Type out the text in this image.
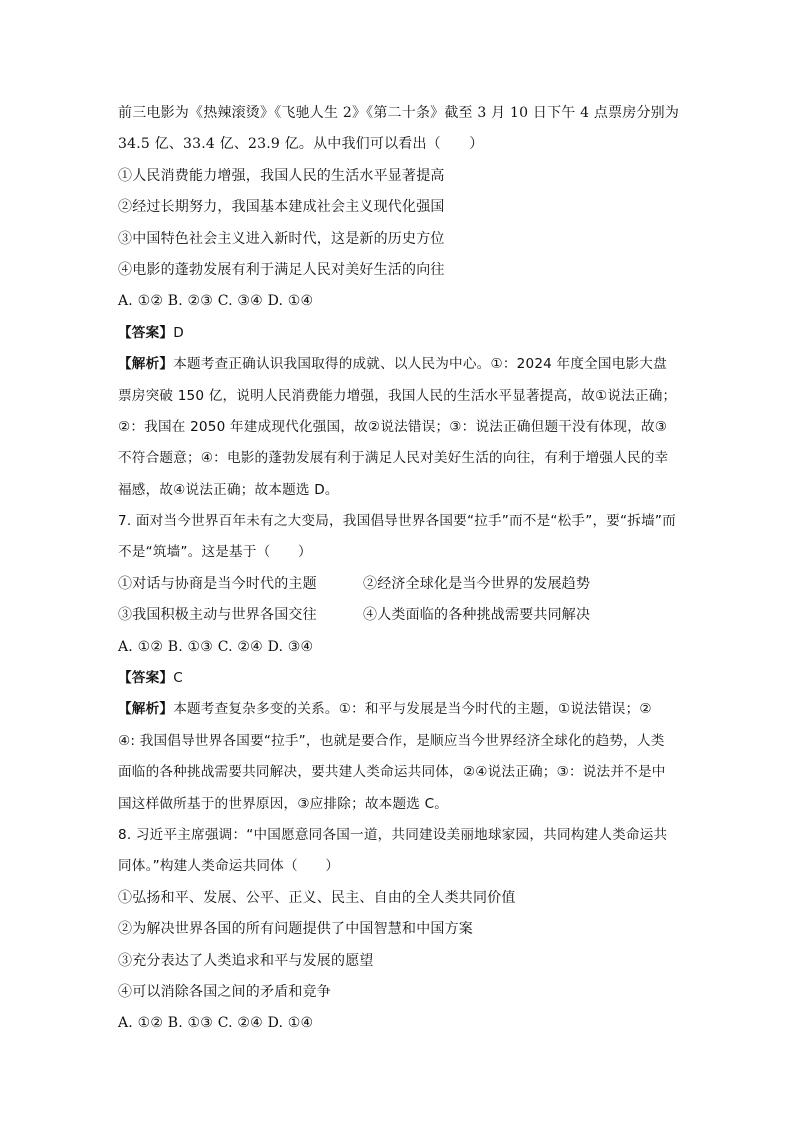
前三电影为《热辣滚烫》《飞驰人生 2》《第二十条》截至 3 月 10 日下午 4 点票房分别为
34.5 亿、33.4 亿、23.9 亿。从中我们可以看出（　　）
①人民消费能力增强，我国人民的生活水平显著提高
②经过长期努力，我国基本建成社会主义现代化强国
③中国特色社会主义进入新时代，这是新的历史方位
④电影的蓬勃发展有利于满足人民对美好生活的向往
A. ①② B. ②③ C. ③④ D. ①④
【答案】D
【解析】本题考查正确认识我国取得的成就、以人民为中心。①：2024 年度全国电影大盘
票房突破 150 亿，说明人民消费能力增强，我国人民的生活水平显著提高，故①说法正确；
②：我国在 2050 年建成现代化强国，故②说法错误；③：说法正确但题干没有体现，故③
不符合题意；④：电影的蓬勃发展有利于满足人民对美好生活的向往，有利于增强人民的幸
福感，故④说法正确；故本题选 D。
7. 面对当今世界百年未有之大变局，我国倡导世界各国要“拉手”而不是“松手”，要“拆墙”而
不是“筑墙”。这是基于（　　）
①对话与协商是当今时代的主题	②经济全球化是当今世界的发展趋势
③我国积极主动与世界各国交往	④人类面临的各种挑战需要共同解决
A. ①② B. ①③ C. ②④ D. ③④
【答案】C
【解析】本题考查复杂多变的关系。①：和平与发展是当今时代的主题，①说法错误；②
④: 我国倡导世界各国要“拉手”，也就是要合作，是顺应当今世界经济全球化的趋势，人类
面临的各种挑战需要共同解决，要共建人类命运共同体，②④说法正确；③：说法并不是中
国这样做所基于的世界原因，③应排除；故本题选 C。
8. 习近平主席强调：“中国愿意同各国一道，共同建设美丽地球家园，共同构建人类命运共
同体。”构建人类命运共同体（　　）
①弘扬和平、发展、公平、正义、民主、自由的全人类共同价值
②为解决世界各国的所有问题提供了中国智慧和中国方案
③充分表达了人类追求和平与发展的愿望
④可以消除各国之间的矛盾和竞争
A. ①② B. ①③ C. ②④ D. ①④
